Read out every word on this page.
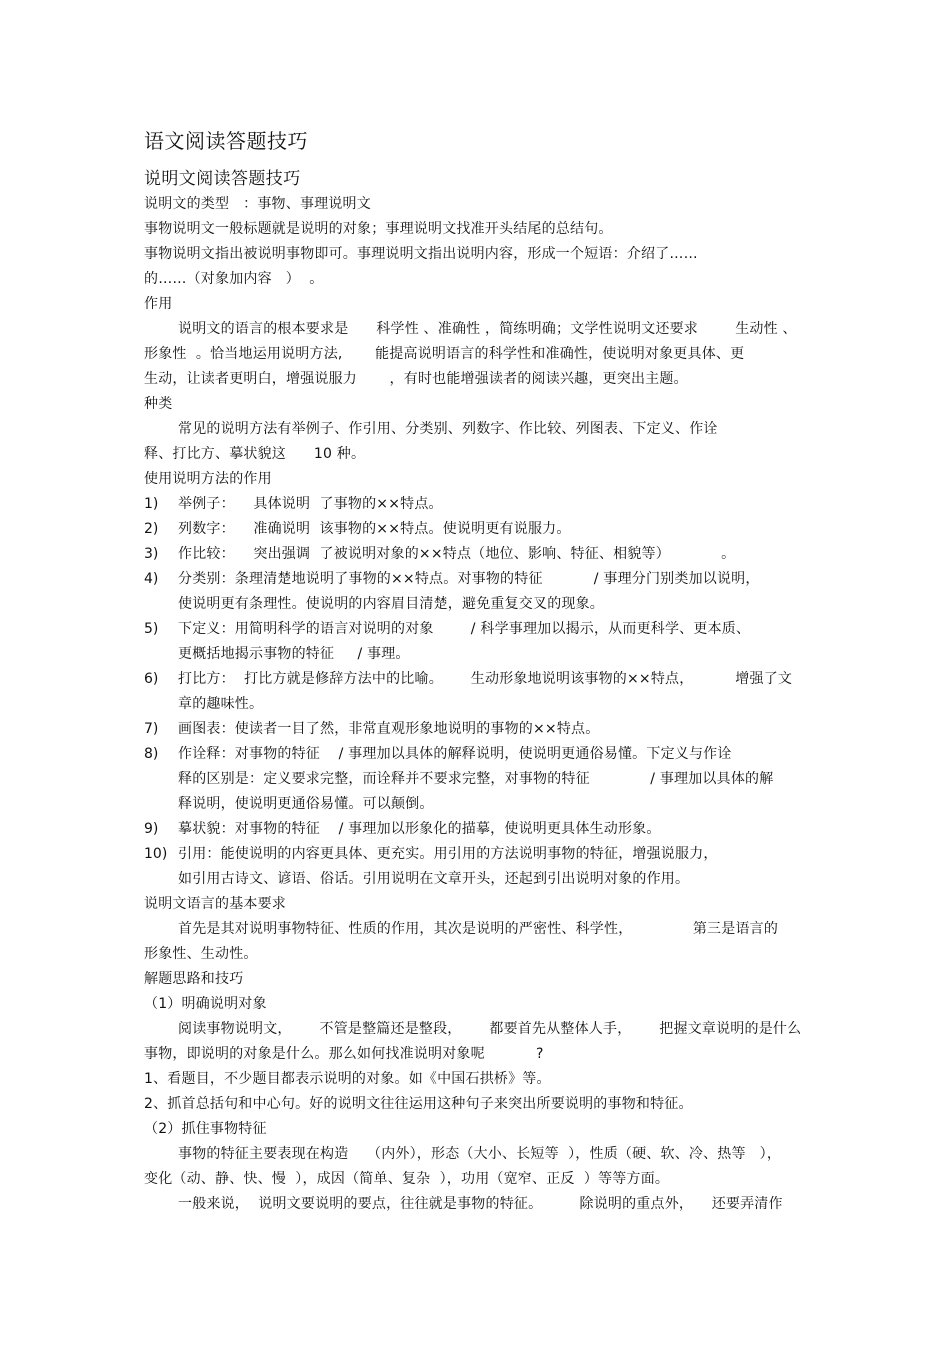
语文阅读答题技巧
说明文阅读答题技巧
说明文的类型   ：事物、事理说明文
事物说明文一般标题就是说明的对象；事理说明文找准开头结尾的总结句。
事物说明文指出被说明事物即可。事理说明文指出说明内容，形成一个短语：介绍了……
的……（对象加内容   ）  。
作用
说明文的语言的根本要求是      科学性 、准确性 ，简练明确；文学性说明文还要求        生动性 、
形象性  。恰当地运用说明方法,       能提高说明语言的科学性和准确性，使说明对象更具体、更
生动，让读者更明白，增强说服力       ，有时也能增强读者的阅读兴趣，更突出主题。
种类
常见的说明方法有举例子、作引用、分类别、列数字、作比较、列图表、下定义、作诠
释、打比方、摹状貌这      10 种。
使用说明方法的作用
1) 举例子：    具体说明  了事物的××特点。
2) 列数字：    准确说明  该事物的××特点。使说明更有说服力。
3) 作比较：    突出强调  了被说明对象的××特点（地位、影响、特征、相貌等）           。
4) 分类别：条理清楚地说明了事物的××特点。对事物的特征           / 事理分门别类加以说明，
使说明更有条理性。使说明的内容眉目清楚，避免重复交叉的现象。
5) 下定义：用简明科学的语言对说明的对象        / 科学事理加以揭示，从而更科学、更本质、
更概括地揭示事物的特征     / 事理。
6) 打比方：  打比方就是修辞方法中的比喻。      生动形象地说明该事物的××特点，         增强了文
章的趣味性。
7) 画图表：使读者一目了然，非常直观形象地说明的事物的××特点。
8) 作诠释：对事物的特征    / 事理加以具体的解释说明，使说明更通俗易懂。下定义与作诠
释的区别是：定义要求完整，而诠释并不要求完整，对事物的特征             / 事理加以具体的解
释说明，使说明更通俗易懂。可以颠倒。
9) 摹状貌：对事物的特征    / 事理加以形象化的描摹，使说明更具体生动形象。
10) 引用：能使说明的内容更具体、更充实。用引用的方法说明事物的特征，增强说服力，
如引用古诗文、谚语、俗话。引用说明在文章开头，还起到引出说明对象的作用。
说明文语言的基本要求
首先是其对说明事物特征、性质的作用，其次是说明的严密性、科学性，             第三是语言的
形象性、生动性。
解题思路和技巧
（1）明确说明对象
阅读事物说明文，      不管是整篇还是整段，      都要首先从整体人手，      把握文章说明的是什么
事物，即说明的对象是什么。那么如何找准说明对象呢           ?
1、看题目，不少题目都表示说明的对象。如《中国石拱桥》等。
2、抓首总括句和中心句。好的说明文往往运用这种句子来突出所要说明的事物和特征。
（2）抓住事物特征
事物的特征主要表现在构造    （内外），形态（大小、长短等  ），性质（硬、软、冷、热等   ），
变化（动、静、快、慢  ），成因（简单、复杂  ），功用（宽窄、正反  ）等等方面。
一般来说，  说明文要说明的要点，往往就是事物的特征。        除说明的重点外，    还要弄清作
